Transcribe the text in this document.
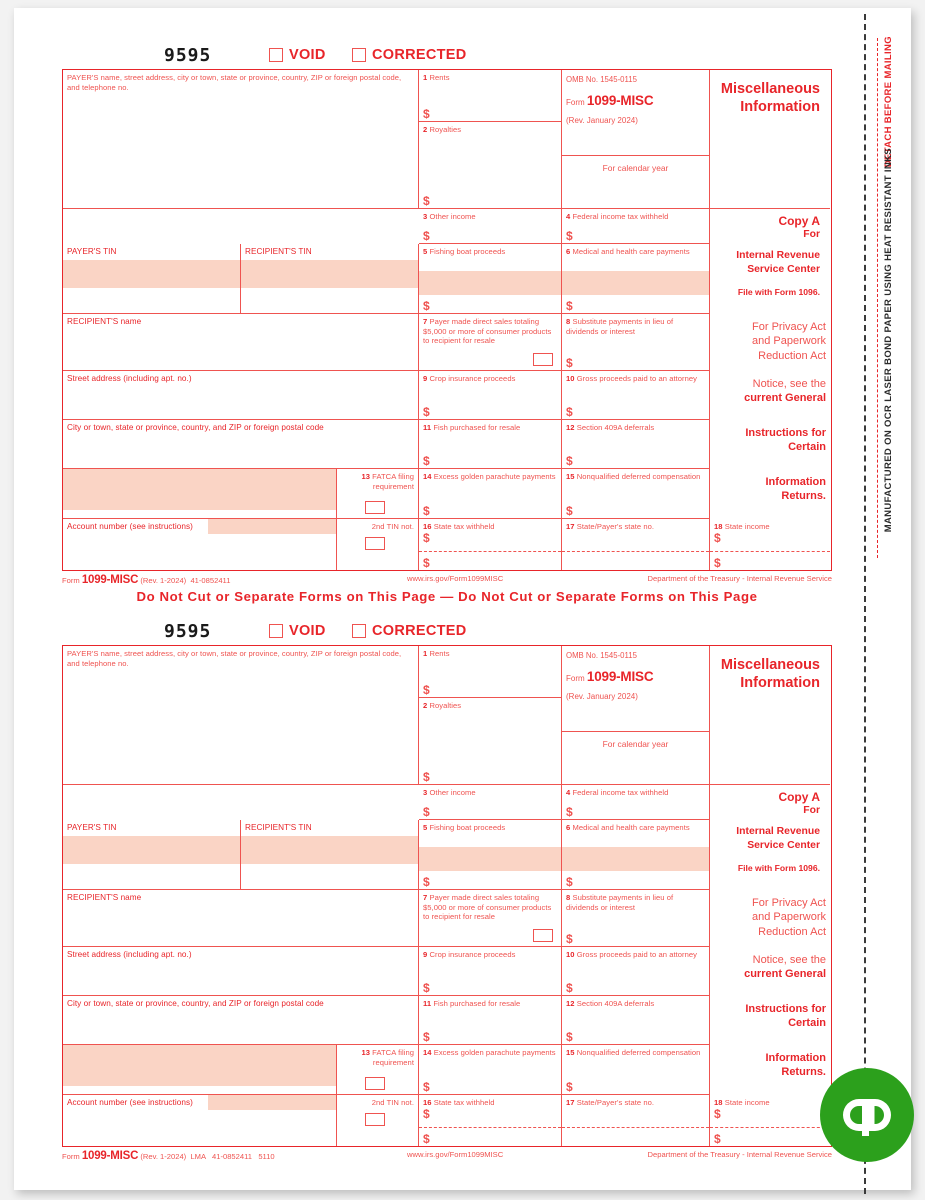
DETACH BEFORE MAILING
MANUFACTURED ON OCR LASER BOND PAPER USING HEAT RESISTANT INKS
9595	VOID	CORRECTED
PAYER'S name, street address, city or town, state or province, country, ZIP or foreign postal code, and telephone no.
1 Rents
$
2 Royalties
$
OMB No. 1545-0115
Form 1099-MISC
(Rev. January 2024)
For calendar year
Miscellaneous
Information
3 Other income
$
4 Federal income tax withheld
$
Copy A
For
PAYER'S TIN	RECIPIENT'S TIN	5 Fishing boat proceeds
$
6 Medical and health care payments
$
Internal Revenue
Service Center
File with Form 1096.
RECIPIENT'S name	7 Payer made direct sales totaling $5,000 or more of consumer products to recipient for resale
8 Substitute payments in lieu of dividends or interest
$
For Privacy Act
and Paperwork
Reduction Act
Street address (including apt. no.)	9 Crop insurance proceeds
$
10 Gross proceeds paid to an attorney
$
Notice, see the
current General
City or town, state or province, country, and ZIP or foreign postal code	11 Fish purchased for resale
$
12 Section 409A deferrals
$
Instructions for
Certain
13 FATCA filing requirement
14 Excess golden parachute payments
$
15 Nonqualified deferred compensation
$
Information
Returns.
Account number (see instructions)	2nd TIN not. 16 State tax withheld
$
$
17 State/Payer's state no.	18 State income
$
$
Form 1099-MISC (Rev. 1-2024) 41-0852411	www.irs.gov/Form1099MISC	Department of the Treasury - Internal Revenue Service
Do Not Cut or Separate Forms on This Page — Do Not Cut or Separate Forms on This Page
9595	VOID	CORRECTED
PAYER'S name, street address, city or town, state or province, country, ZIP or foreign postal code, and telephone no.
1 Rents
$
2 Royalties
$
OMB No. 1545-0115
Form 1099-MISC
(Rev. January 2024)
For calendar year
Miscellaneous
Information
3 Other income
$
4 Federal income tax withheld
$
Copy A
For
PAYER'S TIN	RECIPIENT'S TIN	5 Fishing boat proceeds
$
6 Medical and health care payments
$
Internal Revenue
Service Center
File with Form 1096.
RECIPIENT'S name	7 Payer made direct sales totaling $5,000 or more of consumer products to recipient for resale
8 Substitute payments in lieu of dividends or interest
$
For Privacy Act
and Paperwork
Reduction Act
Street address (including apt. no.)	9 Crop insurance proceeds
$
10 Gross proceeds paid to an attorney
$
Notice, see the
current General
City or town, state or province, country, and ZIP or foreign postal code	11 Fish purchased for resale
$
12 Section 409A deferrals
$
Instructions for
Certain
13 FATCA filing requirement
14 Excess golden parachute payments
$
15 Nonqualified deferred compensation
$
Information
Returns.
Account number (see instructions)	2nd TIN not. 16 State tax withheld
$
$
17 State/Payer's state no.	18 State income
$
$
Form 1099-MISC (Rev. 1-2024) LMA 41-0852411 5110	www.irs.gov/Form1099MISC	Department of the Treasury - Internal Revenue Service
